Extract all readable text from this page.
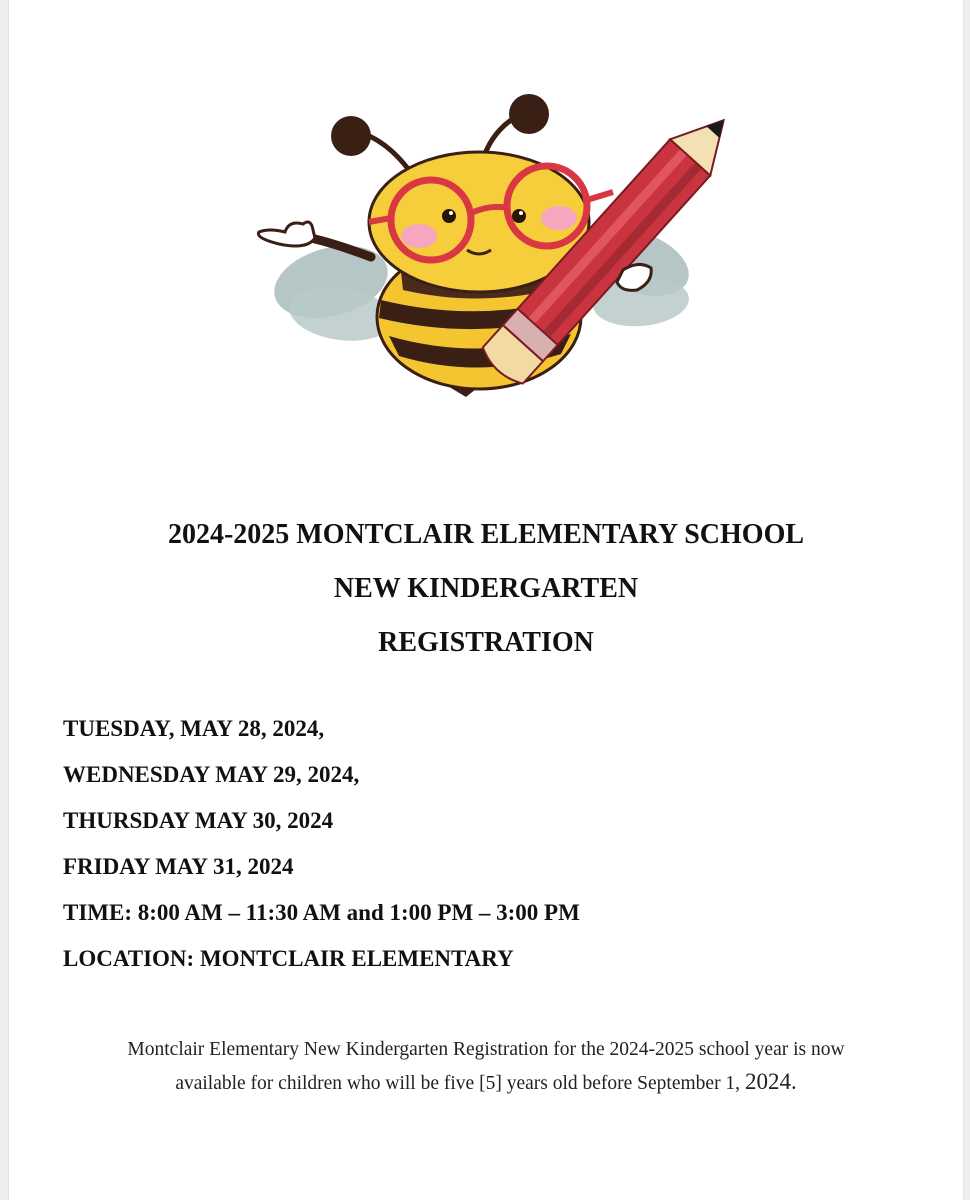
2024-2025 MONTCLAIR ELEMENTARY SCHOOL
NEW KINDERGARTEN
REGISTRATION
TUESDAY, MAY 28, 2024,
WEDNESDAY MAY 29, 2024,
THURSDAY MAY 30, 2024
FRIDAY MAY 31, 2024
TIME: 8:00 AM – 11:30 AM and 1:00 PM – 3:00 PM
LOCATION: MONTCLAIR ELEMENTARY
Montclair Elementary New Kindergarten Registration for the 2024-2025 school year is now
available for children who will be five [5] years old before September 1, 2024.
